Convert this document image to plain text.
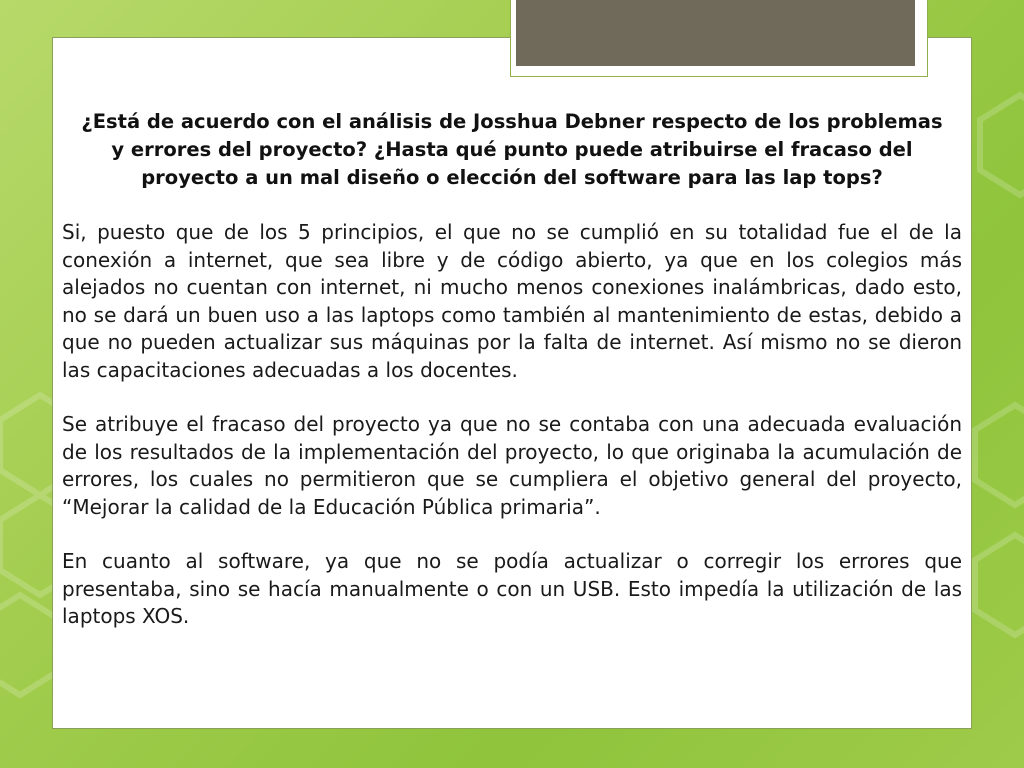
¿Está de acuerdo con el análisis de Josshua Debner respecto de los problemas y errores del proyecto? ¿Hasta qué punto puede atribuirse el fracaso del proyecto a un mal diseño o elección del software para las lap tops?

Si, puesto que de los 5 principios, el que no se cumplió en su totalidad fue el de la conexión a internet, que sea libre y de código abierto, ya que en los colegios más alejados no cuentan con internet, ni mucho menos conexiones inalámbricas, dado esto, no se dará un buen uso a las laptops como también al mantenimiento de estas, debido a que no pueden actualizar sus máquinas por la falta de internet. Así mismo no se dieron las capacitaciones adecuadas a los docentes.

Se atribuye el fracaso del proyecto ya que no se contaba con una adecuada evaluación de los resultados de la implementación del proyecto, lo que originaba la acumulación de errores, los cuales no permitieron que se cumpliera el objetivo general del proyecto, “Mejorar la calidad de la Educación Pública primaria”.

En cuanto al software, ya que no se podía actualizar o corregir los errores que presentaba, sino se hacía manualmente o con un USB. Esto impedía la utilización de las laptops XOS.
